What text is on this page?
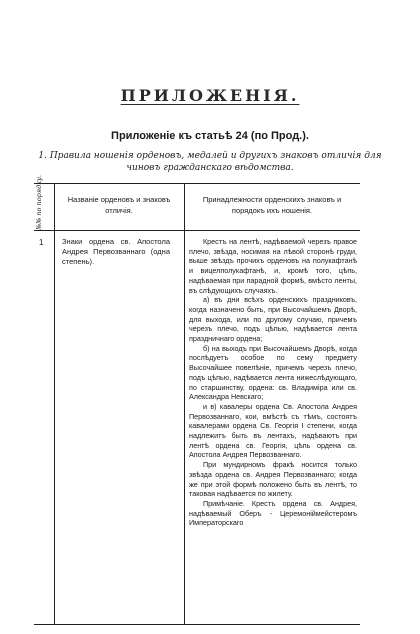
ПРИЛОЖЕНІЯ.
Приложеніе къ статьѣ 24 (по Прод.).
1. Правила ношенія орденовъ, медалей и другихъ знаковъ отличія для чиновъ гражданскаго вѣдомства.
№№ по порядку.	Названіе орденовъ и знаковъ отличія.
Принадлежности орденскихъ знаковъ и порядокъ ихъ ношенія.
1 Знаки ордена св. Апостола Андрея Первозваннаго (одна степень).

Крестъ на лентѣ, надѣваемой черезъ правое плечо, звѣзда, носимая на лѣвой сторонѣ груди, выше звѣздъ прочихъ орденовъ на полукафтанѣ и вицелполукафтанѣ, и, кромѣ того, цѣпь, надѣваемая при парадной формѣ, вмѣсто ленты, въ слѣдующихъ случаяхъ.

а) въ дни всѣхъ орденскихъ праздниковъ, когда назначено быть, при Высочайшемъ Дворѣ, для выхода, или по другому случаю, причемъ черезъ плечо, подъ цѣпью, надѣвается лента праздничнаго ордена;

б) на выходъ при Высочайшемъ Дворѣ, когда послѣдуетъ особое по сему предмету Высочайшее повелѣніе, причемъ черезъ плечо, подъ цѣпью, надѣвается лента нижеслѣдующаго, по старшинству, ордена: св. Владиміра или св. Александра Невскаго;

и в) кавалеры ордена Св. Апостола Андрея Первозваннаго, кои, вмѣстѣ съ тѣмъ, состоятъ кавалерами ордена Св. Георгія I степени, когда надлежитъ быть въ лентахъ, надѣваютъ при лентѣ ордена св. Георгія, цѣпь ордена св. Апостола Андрея Первозваннаго.

При мундирномъ фракѣ носится только звѣзда ордена св. Андрея Первозваннаго; когда же при этой формѣ положено быть въ лентѣ, то таковая надѣвается по жилету.

Примѣчаніе. Крестъ ордена св. Андрея, надѣваемый Оберъ - Церемоніймейстеромъ Императорскаго
